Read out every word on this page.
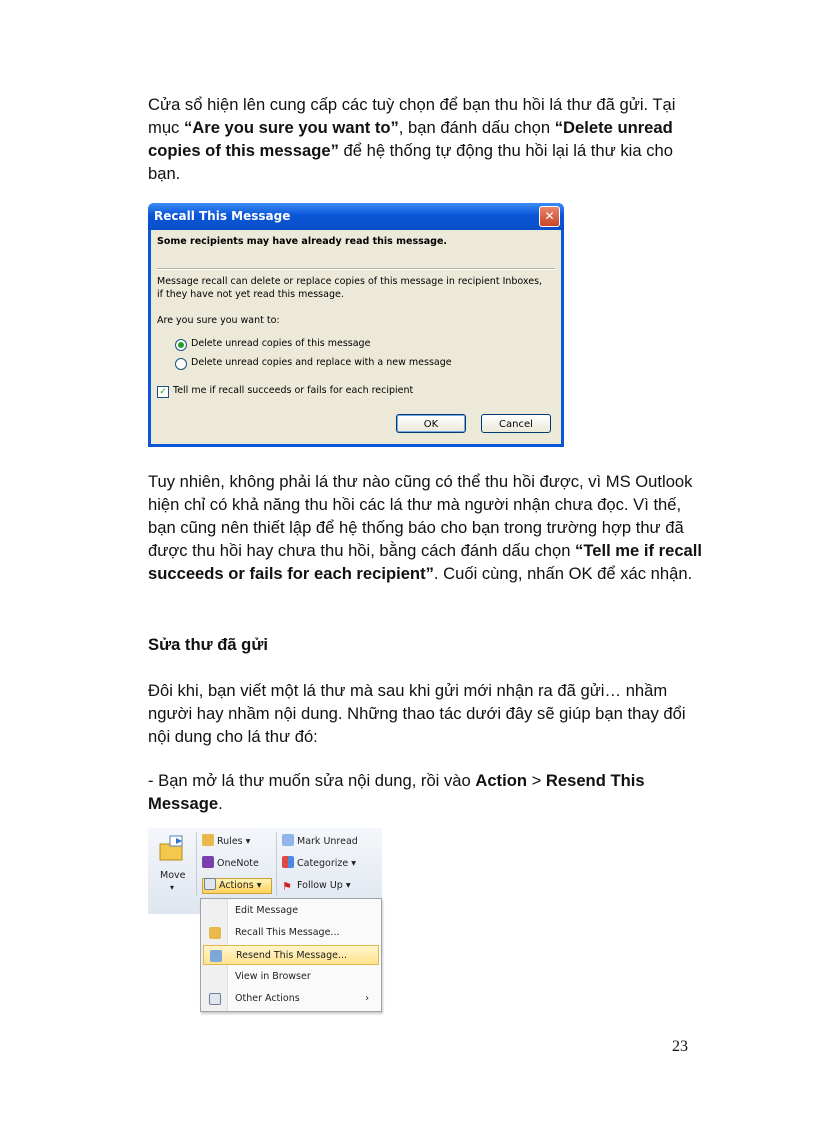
Cửa sổ hiện lên cung cấp các tuỳ chọn để bạn thu hồi lá thư đã gửi. Tại mục “Are you sure you want to”, bạn đánh dấu chọn “Delete unread copies of this message” để hệ thống tự động thu hồi lại lá thư kia cho bạn.

Recall This Message	✕
Some recipients may have already read this message.
Message recall can delete or replace copies of this message in recipient Inboxes,
if they have not yet read this message.
Are you sure you want to:
Delete unread copies of this message
Delete unread copies and replace with a new message
✓ Tell me if recall succeeds or fails for each recipient
OK	Cancel

Tuy nhiên, không phải lá thư nào cũng có thể thu hồi được, vì MS Outlook hiện chỉ có khả năng thu hồi các lá thư mà người nhận chưa đọc. Vì thế, bạn cũng nên thiết lập để hệ thống báo cho bạn trong trường hợp thư đã được thu hồi hay chưa thu hồi, bằng cách đánh dấu chọn “Tell me if recall succeeds or fails for each recipient”. Cuối cùng, nhấn OK để xác nhận.

Sửa thư đã gửi

Đôi khi, bạn viết một lá thư mà sau khi gửi mới nhận ra đã gửi… nhầm người hay nhầm nội dung. Những thao tác dưới đây sẽ giúp bạn thay đổi nội dung cho lá thư đó:

- Bạn mở lá thư muốn sửa nội dung, rồi vào Action > Resend This Message.

Move
▾
Rules ▾
OneNote
Actions ▾
Mark Unread
Categorize ▾
⚑ Follow Up ▾
Edit Message
Recall This Message...
Resend This Message...
View in Browser
Other Actions	›
23
